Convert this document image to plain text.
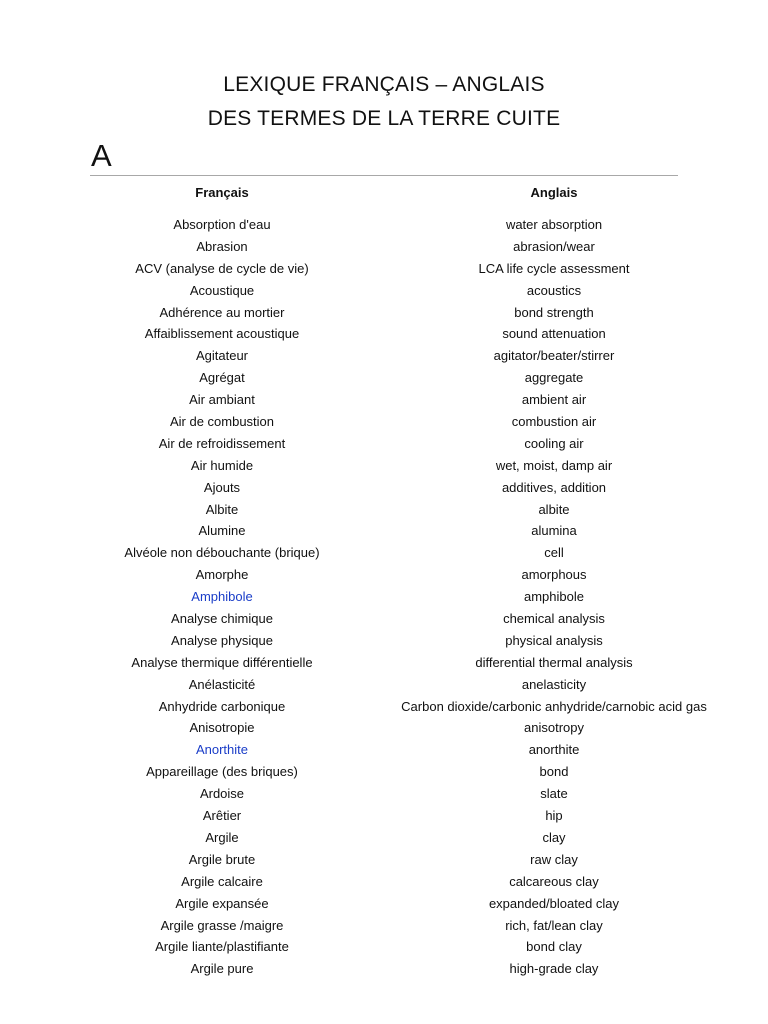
LEXIQUE FRANÇAIS – ANGLAIS
DES TERMES DE LA TERRE CUITE
A
Français	Anglais
Absorption d'eau	water absorption
Abrasion	abrasion/wear
ACV (analyse de cycle de vie)	LCA life cycle assessment
Acoustique	acoustics
Adhérence au mortier	bond strength
Affaiblissement acoustique	sound attenuation
Agitateur	agitator/beater/stirrer
Agrégat	aggregate
Air ambiant	ambient air
Air de combustion	combustion air
Air de refroidissement	cooling air
Air humide	wet, moist, damp air
Ajouts	additives, addition
Albite	albite
Alumine	alumina
Alvéole non débouchante (brique)	cell
Amorphe	amorphous
Amphibole	amphibole
Analyse chimique	chemical analysis
Analyse physique	physical analysis
Analyse thermique différentielle	differential thermal analysis
Anélasticité	anelasticity
Anhydride carbonique	Carbon dioxide/carbonic anhydride/carnobic acid gas
Anisotropie	anisotropy
Anorthite	anorthite
Appareillage (des briques)	bond
Ardoise	slate
Arêtier	hip
Argile	clay
Argile brute	raw clay
Argile calcaire	calcareous clay
Argile expansée	expanded/bloated clay
Argile grasse /maigre	rich, fat/lean clay
Argile liante/plastifiante	bond clay
Argile pure	high-grade clay
